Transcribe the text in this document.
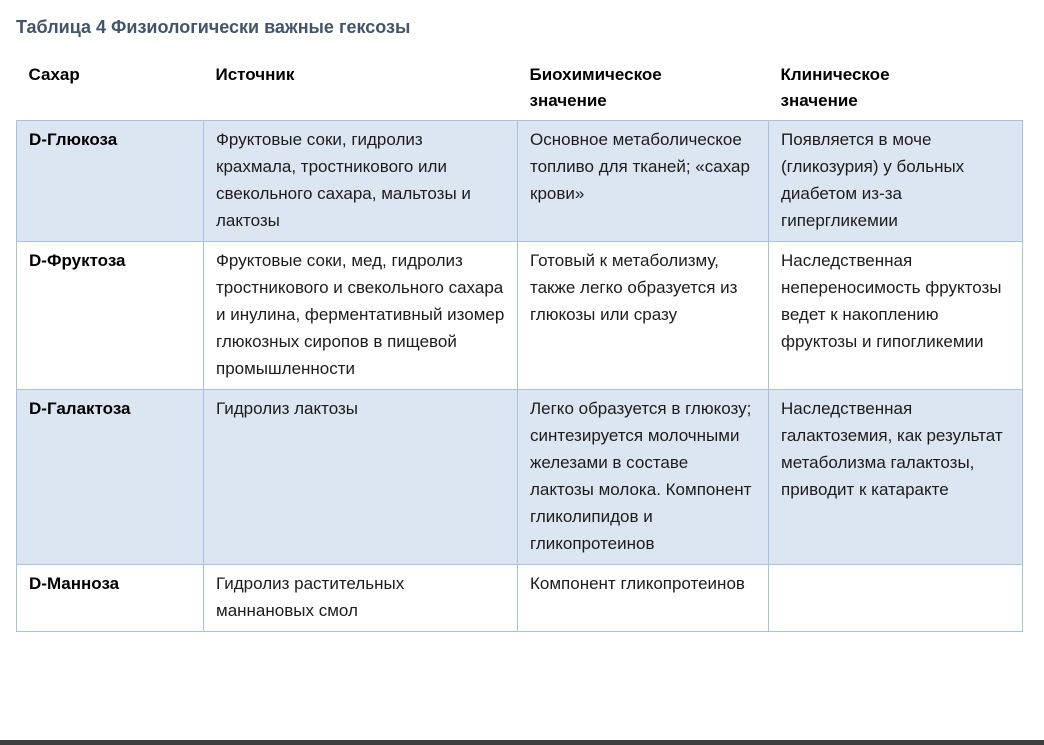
Таблица 4 Физиологически важные гексозы
Сахар	Источник	Биохимическое значение	Клиническое значение

D-Глюкоза	Фруктовые соки, гидролиз крахмала, тростникового или свекольного сахара, мальтозы и лактозы	Основное метаболическое топливо для тканей; «сахар крови»	Появляется в моче (гликозурия) у больных диабетом из-за гипергликемии
D-Фруктоза	Фруктовые соки, мед, гидролиз тростникового и свекольного сахара и инулина, ферментативный изомер глюкозных сиропов в пищевой промышленности	Готовый к метаболизму, также легко образуется из глюкозы или сразу	Наследственная непереносимость фруктозы ведет к накоплению фруктозы и гипогликемии
D-Галактоза	Гидролиз лактозы	Легко образуется в глюкозу; синтезируется молочными железами в составе лактозы молока. Компонент гликолипидов и гликопротеинов	Наследственная галактоземия, как результат метаболизма галактозы, приводит к катаракте
D-Манноза	Гидролиз растительных маннановых смол	Компонент гликопротеинов	
